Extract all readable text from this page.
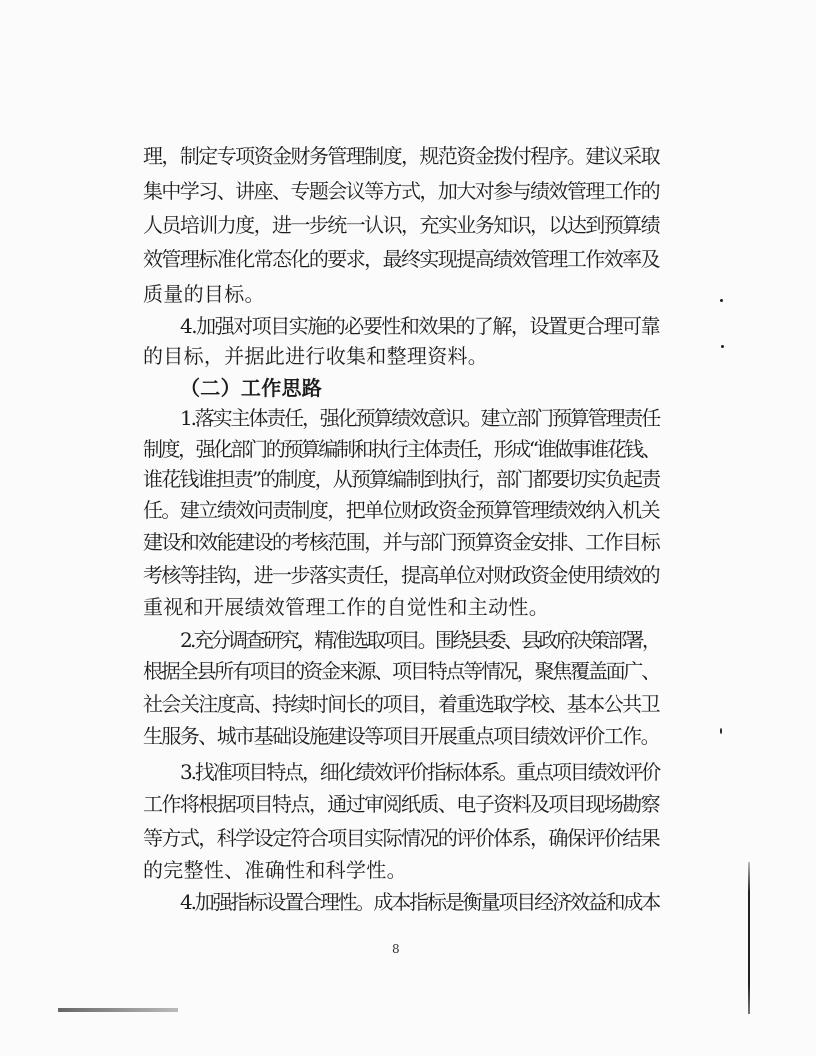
理，制定专项资金财务管理制度，规范资金拨付程序。建议采取
集中学习、讲座、专题会议等方式，加大对参与绩效管理工作的
人员培训力度，进一步统一认识，充实业务知识，以达到预算绩
效管理标准化常态化的要求，最终实现提高绩效管理工作效率及
质量的目标。
4.加强对项目实施的必要性和效果的了解，设置更合理可靠
的目标，并据此进行收集和整理资料。
（二）工作思路
1.落实主体责任，强化预算绩效意识。建立部门预算管理责任
制度，强化部门的预算编制和执行主体责任，形成“谁做事谁花钱、
谁花钱谁担责”的制度，从预算编制到执行，部门都要切实负起责
任。建立绩效问责制度，把单位财政资金预算管理绩效纳入机关
建设和效能建设的考核范围，并与部门预算资金安排、工作目标
考核等挂钩，进一步落实责任，提高单位对财政资金使用绩效的
重视和开展绩效管理工作的自觉性和主动性。
2.充分调查研究，精准选取项目。围绕县委、县政府决策部署，
根据全县所有项目的资金来源、项目特点等情况，聚焦覆盖面广、
社会关注度高、持续时间长的项目，着重选取学校、基本公共卫
生服务、城市基础设施建设等项目开展重点项目绩效评价工作。
3.找准项目特点，细化绩效评价指标体系。重点项目绩效评价
工作将根据项目特点，通过审阅纸质、电子资料及项目现场勘察
等方式，科学设定符合项目实际情况的评价体系，确保评价结果
的完整性、准确性和科学性。
4.加强指标设置合理性。成本指标是衡量项目经济效益和成本
8
